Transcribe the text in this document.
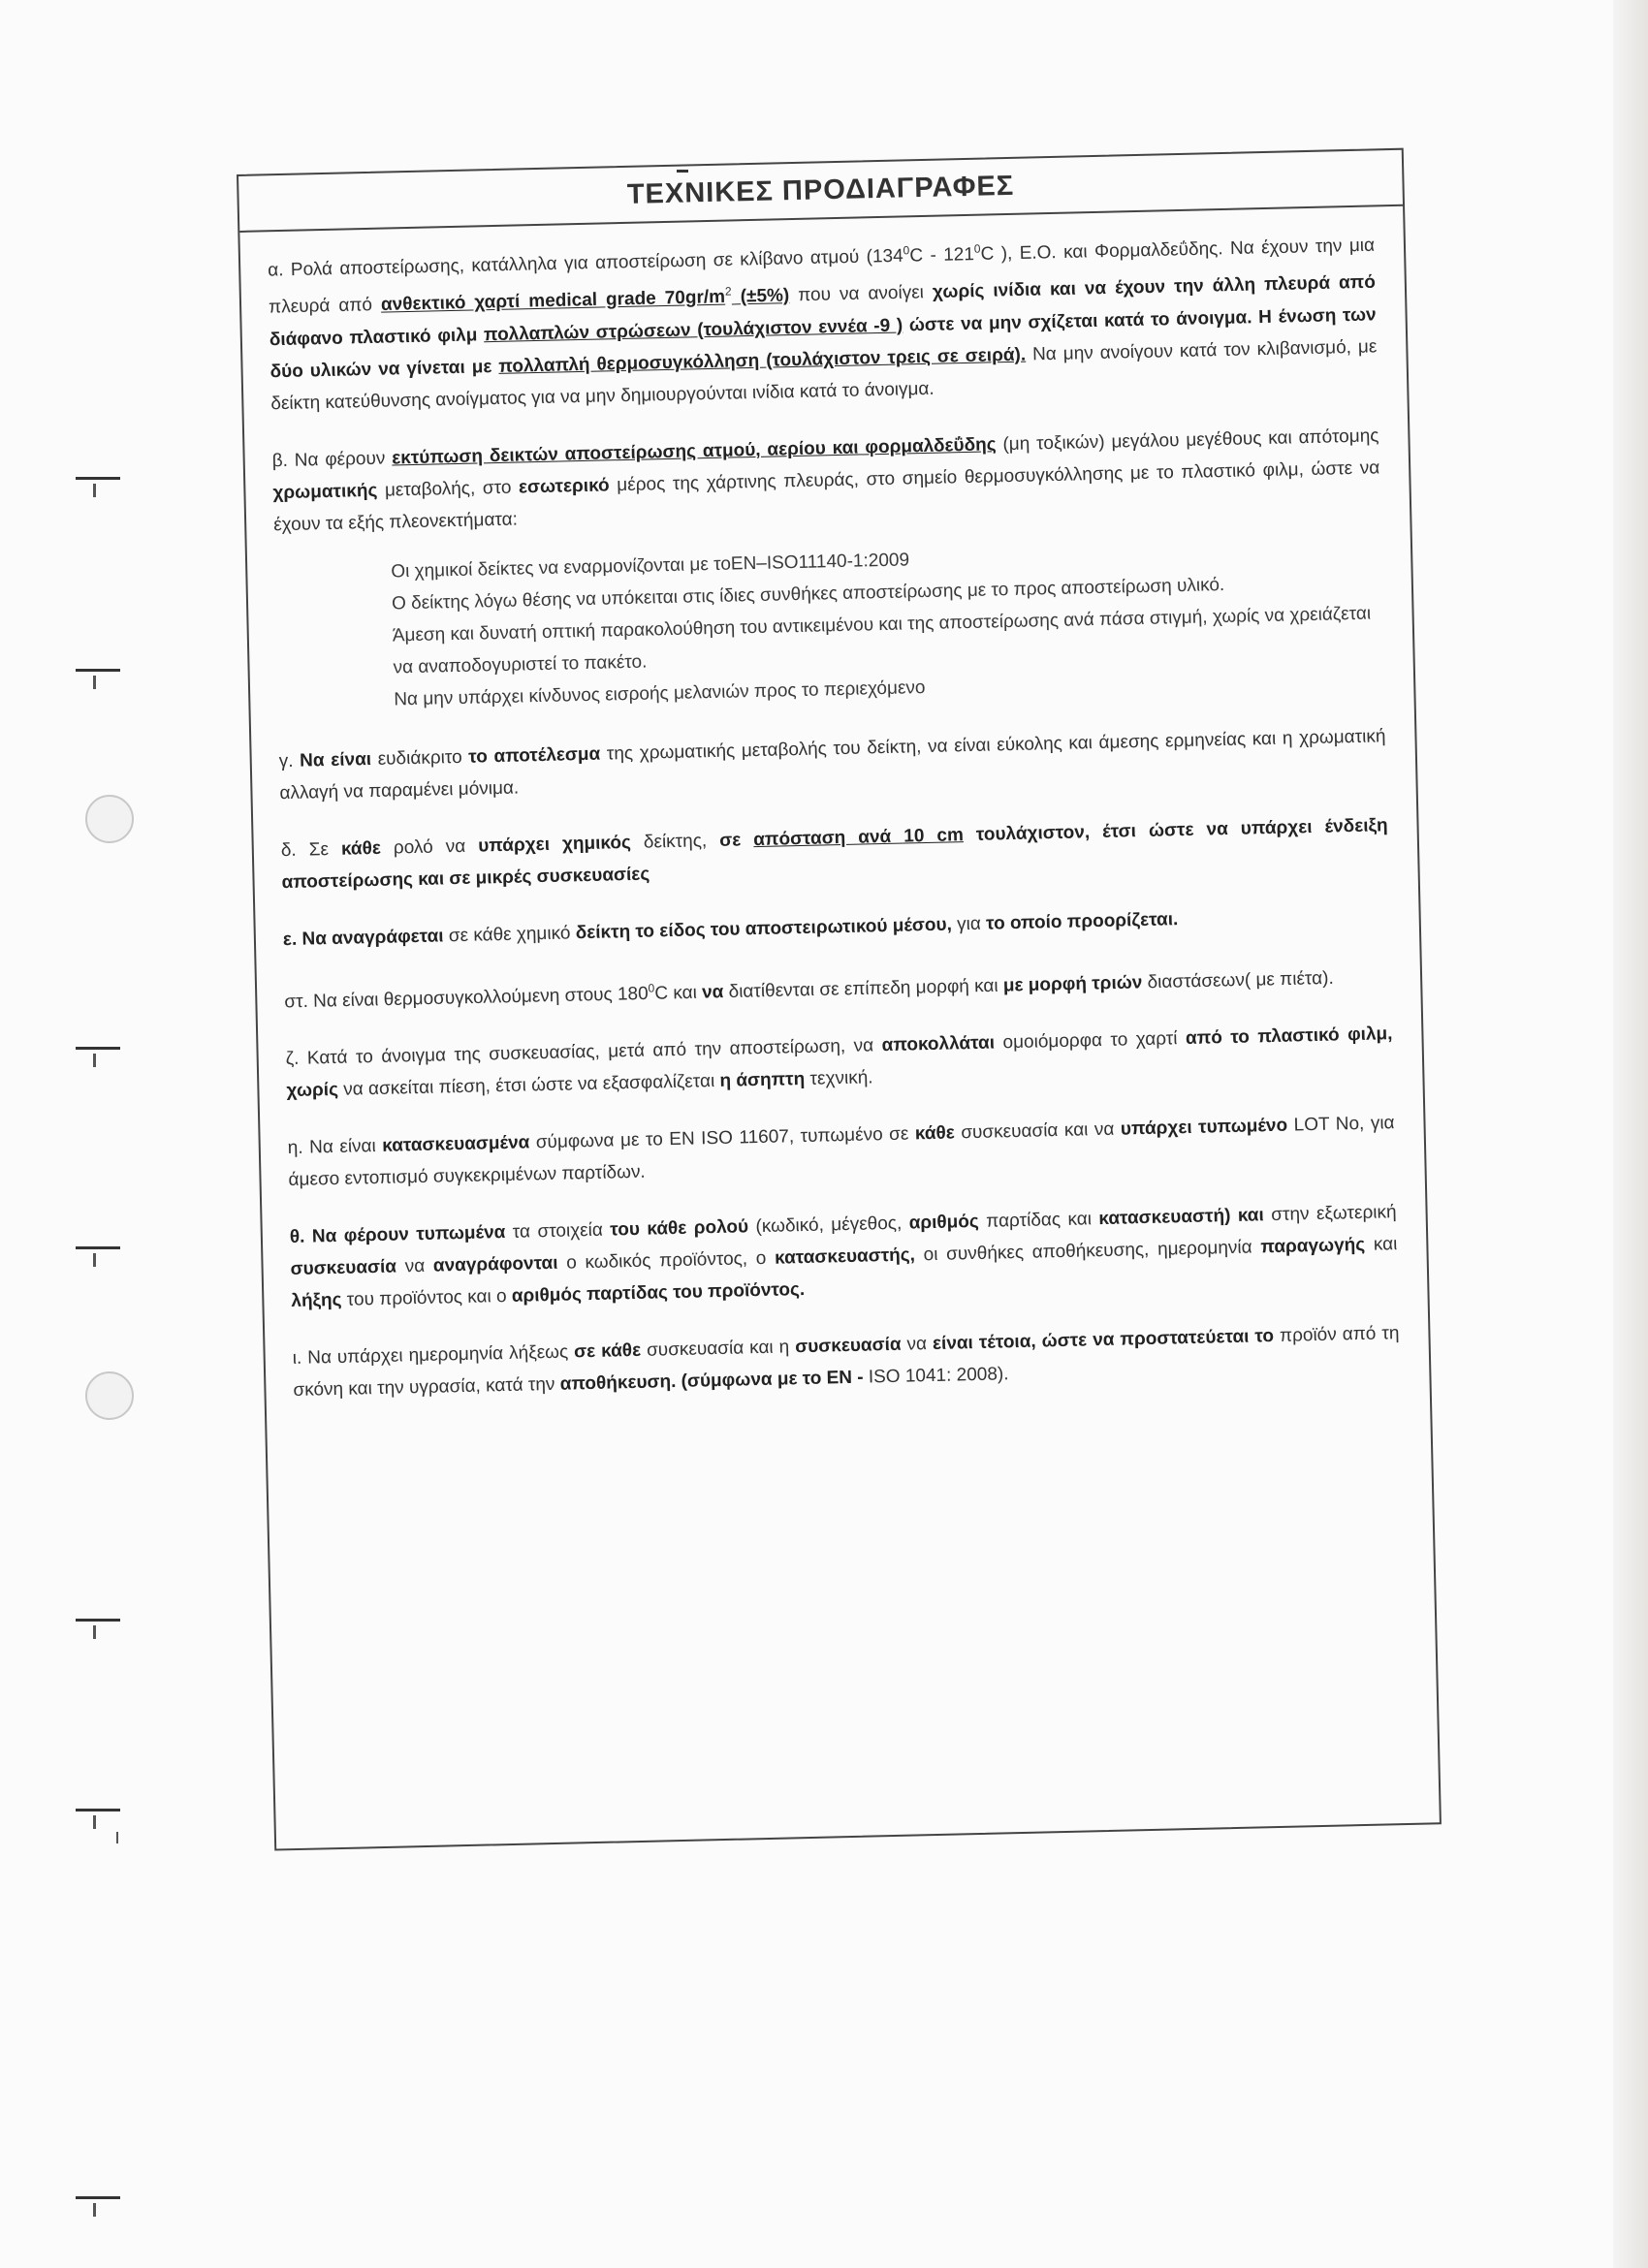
ΤΕΧΝΙΚΕΣ ΠΡΟΔΙΑΓΡΑΦΕΣ

α. Ρολά αποστείρωσης, κατάλληλα για αποστείρωση σε κλίβανο ατμού ($134^0C - 121^0C$ ), Ε.Ο. και Φορμαλδεΰδης. Να έχουν την μια πλευρά από ανθεκτικό χαρτί medical grade $70gr/m^2$ (±5%) που να ανοίγει χωρίς ινίδια και να έχουν την άλλη πλευρά από διάφανο πλαστικό φιλμ πολλαπλών στρώσεων (τουλάχιστον εννέα -9 ) ώστε να μην σχίζεται κατά το άνοιγμα. Η ένωση των δύο υλικών να γίνεται με πολλαπλή θερμοσυγκόλληση (τουλάχιστον τρεις σε σειρά). Να μην ανοίγουν κατά τον κλιβανισμό, με δείκτη κατεύθυνσης ανοίγματος για να μην δημιουργούνται ινίδια κατά το άνοιγμα.

β. Να φέρουν εκτύπωση δεικτών αποστείρωσης ατμού, αερίου και φορμαλδεΰδης (μη τοξικών) μεγάλου μεγέθους και απότομης χρωματικής μεταβολής, στο εσωτερικό μέρος της χάρτινης πλευράς, στο σημείο θερμοσυγκόλλησης με το πλαστικό φιλμ, ώστε να έχουν τα εξής πλεονεκτήματα:

Οι χημικοί δείκτες να εναρμονίζονται με τοEN–ISO11140-1:2009

Ο δείκτης λόγω θέσης να υπόκειται στις ίδιες συνθήκες αποστείρωσης με το προς αποστείρωση υλικό.

Άμεση και δυνατή οπτική παρακολούθηση του αντικειμένου και της αποστείρωσης ανά πάσα στιγμή, χωρίς να χρειάζεται να αναποδογυριστεί το πακέτο.

Να μην υπάρχει κίνδυνος εισροής μελανιών προς το περιεχόμενο

γ. Να είναι ευδιάκριτο το αποτέλεσμα της χρωματικής μεταβολής του δείκτη, να είναι εύκολης και άμεσης ερμηνείας και η χρωματική αλλαγή να παραμένει μόνιμα.

δ. Σε κάθε ρολό να υπάρχει χημικός δείκτης, σε απόσταση ανά 10 cm τουλάχιστον, έτσι ώστε να υπάρχει ένδειξη αποστείρωσης και σε μικρές συσκευασίες

ε. Να αναγράφεται σε κάθε χημικό δείκτη το είδος του αποστειρωτικού μέσου, για το οποίο προορίζεται.

στ. Να είναι θερμοσυγκολλούμενη στους $180^0C$ και να διατίθενται σε επίπεδη μορφή και με μορφή τριών διαστάσεων( με πιέτα).

ζ. Κατά το άνοιγμα της συσκευασίας, μετά από την αποστείρωση, να αποκολλάται ομοιόμορφα το χαρτί από το πλαστικό φιλμ, χωρίς να ασκείται πίεση, έτσι ώστε να εξασφαλίζεται η άσηπτη τεχνική.

η. Να είναι κατασκευασμένα σύμφωνα με το EN ISO 11607, τυπωμένο σε κάθε συσκευασία και να υπάρχει τυπωμένο LOT No, για άμεσο εντοπισμό συγκεκριμένων παρτίδων.

θ. Να φέρουν τυπωμένα τα στοιχεία του κάθε ρολού (κωδικό, μέγεθος, αριθμός παρτίδας και κατασκευαστή) και στην εξωτερική συσκευασία να αναγράφονται ο κωδικός προϊόντος, ο κατασκευαστής, οι συνθήκες αποθήκευσης, ημερομηνία παραγωγής και λήξης του προϊόντος και ο αριθμός παρτίδας του προϊόντος.

ι. Να υπάρχει ημερομηνία λήξεως σε κάθε συσκευασία και η συσκευασία να είναι τέτοια, ώστε να προστατεύεται το προϊόν από τη σκόνη και την υγρασία, κατά την αποθήκευση. (σύμφωνα με το EN - ISO 1041: 2008).
